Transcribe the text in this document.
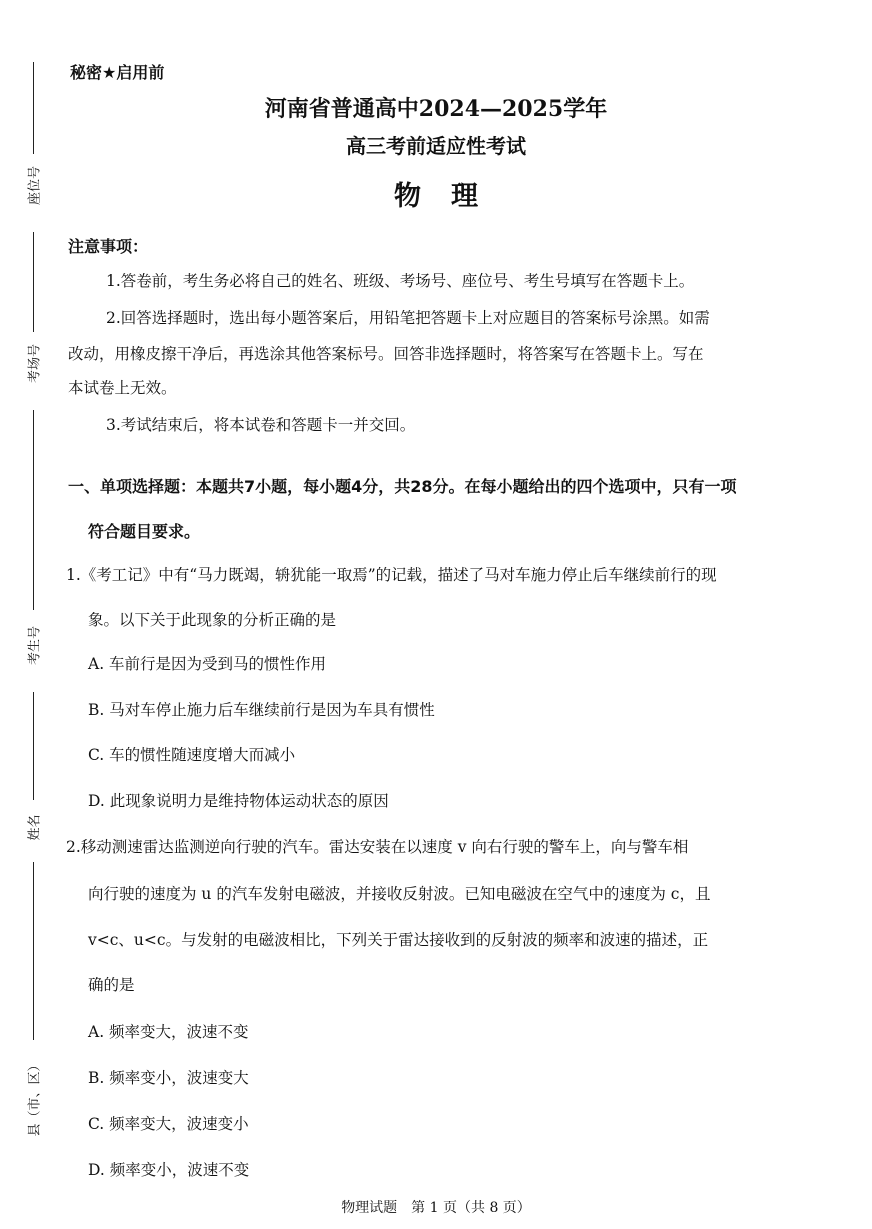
座位号
考场号
考生号
姓名
县（市、区）
秘密★启用前
河南省普通高中2024—2025学年
高三考前适应性考试
物理
注意事项：
1.答卷前，考生务必将自己的姓名、班级、考场号、座位号、考生号填写在答题卡上。
2.回答选择题时，选出每小题答案后，用铅笔把答题卡上对应题目的答案标号涂黑。如需
改动，用橡皮擦干净后，再选涂其他答案标号。回答非选择题时，将答案写在答题卡上。写在
本试卷上无效。
3.考试结束后，将本试卷和答题卡一并交回。
一、单项选择题：本题共7小题，每小题4分，共28分。在每小题给出的四个选项中，只有一项
符合题目要求。
1.《考工记》中有“马力既竭，辀犹能一取焉”的记载，描述了马对车施力停止后车继续前行的现
象。以下关于此现象的分析正确的是
A. 车前行是因为受到马的惯性作用
B. 马对车停止施力后车继续前行是因为车具有惯性
C. 车的惯性随速度增大而减小
D. 此现象说明力是维持物体运动状态的原因
2.移动测速雷达监测逆向行驶的汽车。雷达安装在以速度 v 向右行驶的警车上，向与警车相
向行驶的速度为 u 的汽车发射电磁波，并接收反射波。已知电磁波在空气中的速度为 c，且
v<c、u<c。与发射的电磁波相比，下列关于雷达接收到的反射波的频率和波速的描述，正
确的是
A. 频率变大，波速不变
B. 频率变小，波速变大
C. 频率变大，波速变小
D. 频率变小，波速不变
物理试题　第 1 页（共 8 页）
